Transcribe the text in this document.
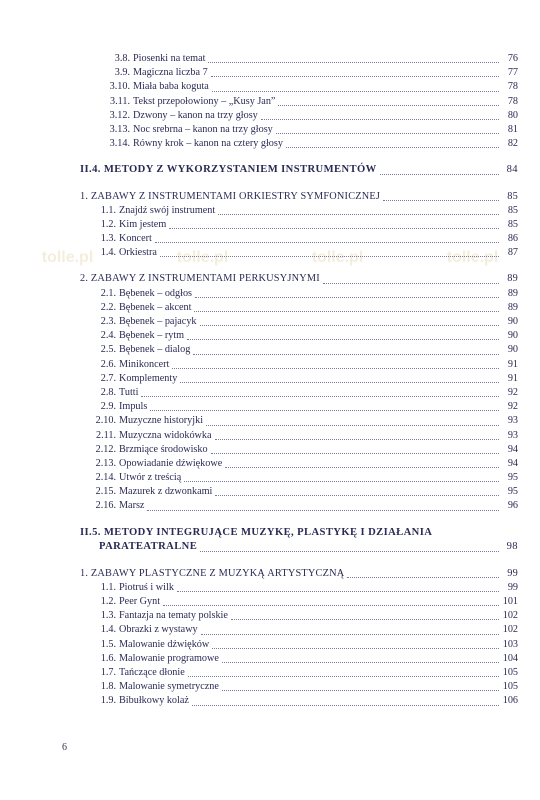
tolle.pl	tolle.pl	tolle.pl	tolle.pl
3.8. Piosenki na temat	76
3.9. Magiczna liczba 7	77
3.10. Miała baba koguta	78
3.11. Tekst przepołowiony – „Kusy Jan”	78
3.12. Dzwony – kanon na trzy głosy	80
3.13. Noc srebrna – kanon na trzy głosy	81
3.14. Równy krok – kanon na cztery głosy	82
II.4. METODY Z WYKORZYSTANIEM INSTRUMENTÓW	84
1. ZABAWY Z INSTRUMENTAMI ORKIESTRY SYMFONICZNEJ	85
1.1. Znajdź swój instrument	85
1.2. Kim jestem	85
1.3. Koncert	86
1.4. Orkiestra	87
2. ZABAWY Z INSTRUMENTAMI PERKUSYJNYMI	89
2.1. Bębenek – odgłos	89
2.2. Bębenek – akcent	89
2.3. Bębenek – pajacyk	90
2.4. Bębenek – rytm	90
2.5. Bębenek – dialog	90
2.6. Minikoncert	91
2.7. Komplementy	91
2.8. Tutti	92
2.9. Impuls	92
2.10. Muzyczne historyjki	93
2.11. Muzyczna widokówka	93
2.12. Brzmiące środowisko	94
2.13. Opowiadanie dźwiękowe	94
2.14. Utwór z treścią	95
2.15. Mazurek z dzwonkami	95
2.16. Marsz	96
II.5. METODY INTEGRUJĄCE MUZYKĘ, PLASTYKĘ I DZIAŁANIA
PARATEATRALNE	98
1. ZABAWY PLASTYCZNE Z MUZYKĄ ARTYSTYCZNĄ	99
1.1. Piotruś i wilk	99
1.2. Peer Gynt	101
1.3. Fantazja na tematy polskie	102
1.4. Obrazki z wystawy	102
1.5. Malowanie dźwięków	103
1.6. Malowanie programowe	104
1.7. Tańczące dłonie	105
1.8. Malowanie symetryczne	105
1.9. Bibułkowy kolaż	106
6
